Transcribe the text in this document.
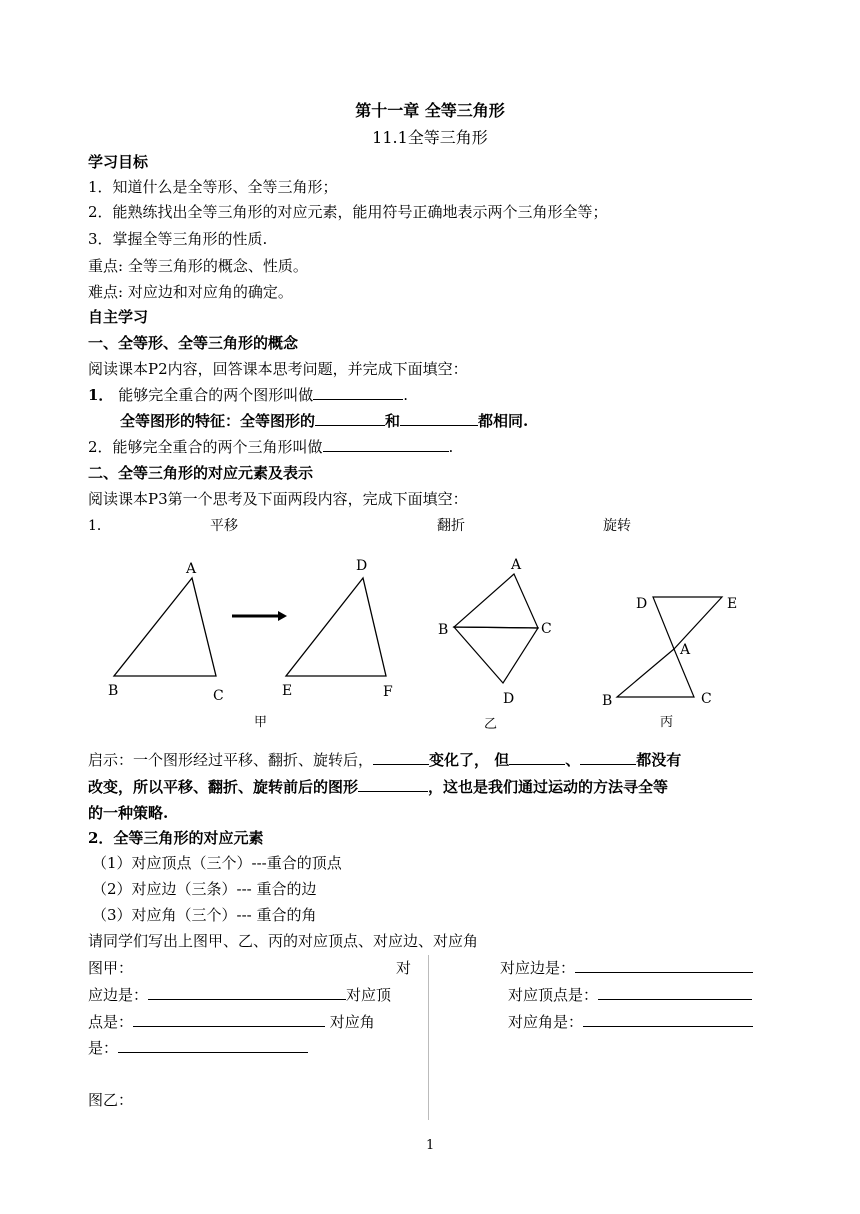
第十一章 全等三角形
11.1全等三角形
学习目标
1．知道什么是全等形、全等三角形；
2．能熟练找出全等三角形的对应元素，能用符号正确地表示两个三角形全等；
3．掌握全等三角形的性质.
重点: 全等三角形的概念、性质。
难点: 对应边和对应角的确定。
自主学习
一、全等形、全等三角形的概念
阅读课本P2内容，回答课本思考问题，并完成下面填空：
1． 能够完全重合的两个图形叫做	.
全等图形的特征：全等图形的	和	都相同.
2．能够完全重合的两个三角形叫做	.
二、全等三角形的对应元素及表示
阅读课本P3第一个思考及下面两段内容，完成下面填空：
1．	平移	翻折	旋转
A
B	C
D
E	F
A
B	C
D
D	E
A
B	C
甲	乙	丙
启示：一个图形经过平移、翻折、旋转后，	变化了， 但	、	都没有
改变，所以平移、翻折、旋转前后的图形	，这也是我们通过运动的方法寻全等
的一种策略.
2．全等三角形的对应元素
（1）对应顶点（三个）---重合的顶点
（2）对应边（三条）--- 重合的边
（3）对应角（三个）--- 重合的角
请同学们写出上图甲、乙、丙的对应顶点、对应边、对应角
图甲：	对
应边是：	对应顶
点是：	对应角
是：
图乙：
对应边是：
对应顶点是：
对应角是：
1
